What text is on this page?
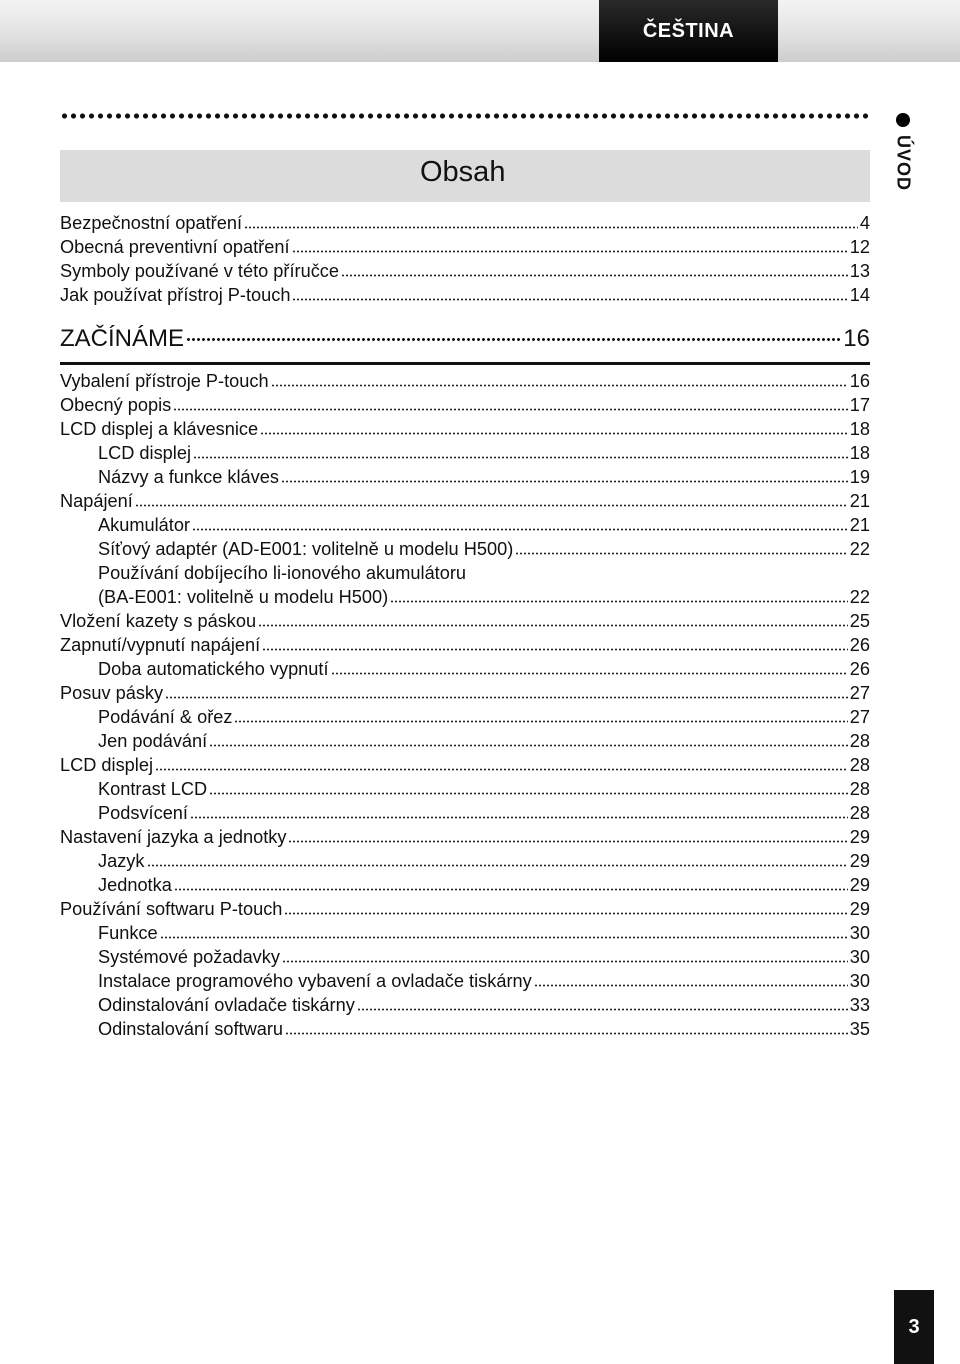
ČEŠTINA
Obsah	ÚVOD
Bezpečnostní opatření	4
Obecná preventivní opatření	12
Symboly používané v této příručce	13
Jak používat přístroj P-touch	14
ZAČÍNÁME	16
Vybalení přístroje P-touch	16
Obecný popis	17
LCD displej a klávesnice	18
LCD displej	18
Názvy a funkce kláves	19
Napájení	21
Akumulátor	21
Síťový adaptér (AD-E001: volitelně u modelu H500)	22
Používání dobíjecího li-ionového akumulátoru
(BA-E001: volitelně u modelu H500)	22
Vložení kazety s páskou	25
Zapnutí/vypnutí napájení	26
Doba automatického vypnutí	26
Posuv pásky	27
Podávání & ořez	27
Jen podávání	28
LCD displej	28
Kontrast LCD	28
Podsvícení	28
Nastavení jazyka a jednotky	29
Jazyk	29
Jednotka	29
Používání softwaru P-touch	29
Funkce	30
Systémové požadavky	30
Instalace programového vybavení a ovladače tiskárny	30
Odinstalování ovladače tiskárny	33
Odinstalování softwaru	35
3
